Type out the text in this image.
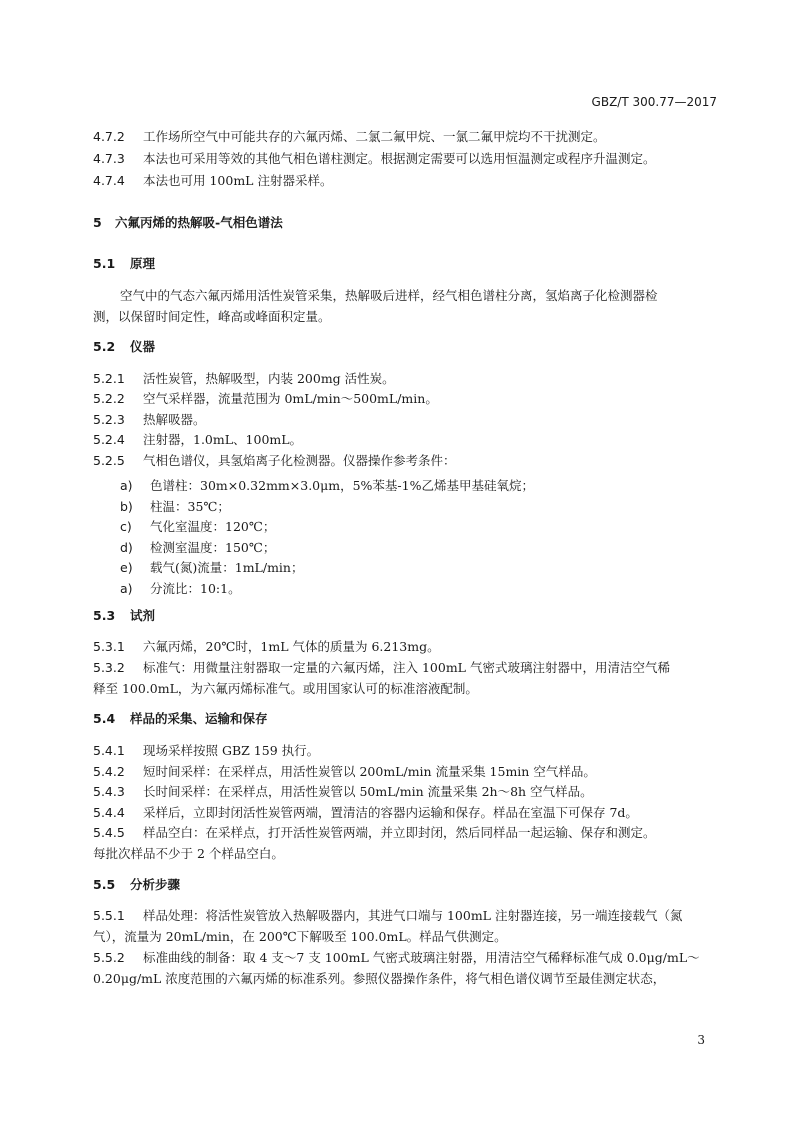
GBZ/T 300.77—2017
4.7.2 工作场所空气中可能共存的六氟丙烯、二氯二氟甲烷、一氯二氟甲烷均不干扰测定。
4.7.3 本法也可采用等效的其他气相色谱柱测定。根据测定需要可以选用恒温测定或程序升温测定。
4.7.4 本法也可用 100mL 注射器采样。
5 六氟丙烯的热解吸-气相色谱法
5.1 原理
空气中的气态六氟丙烯用活性炭管采集，热解吸后进样，经气相色谱柱分离，氢焰离子化检测器检
测，以保留时间定性，峰高或峰面积定量。
5.2 仪器
5.2.1 活性炭管，热解吸型，内装 200mg 活性炭。
5.2.2 空气采样器，流量范围为 0mL/min～500mL/min。
5.2.3 热解吸器。
5.2.4 注射器，1.0mL、100mL。
5.2.5 气相色谱仪，具氢焰离子化检测器。仪器操作参考条件：
a) 色谱柱：30m×0.32mm×3.0μm，5%苯基-1%乙烯基甲基硅氧烷；
b) 柱温：35℃；
c) 气化室温度：120℃；
d) 检测室温度：150℃；
e) 载气(氮)流量：1mL/min；
a) 分流比：10:1。
5.3 试剂
5.3.1 六氟丙烯，20℃时，1mL 气体的质量为 6.213mg。
5.3.2 标准气：用微量注射器取一定量的六氟丙烯，注入 100mL 气密式玻璃注射器中，用清洁空气稀
释至 100.0mL，为六氟丙烯标准气。或用国家认可的标准溶液配制。
5.4 样品的采集、运输和保存
5.4.1 现场采样按照 GBZ 159 执行。
5.4.2 短时间采样：在采样点，用活性炭管以 200mL/min 流量采集 15min 空气样品。
5.4.3 长时间采样：在采样点，用活性炭管以 50mL/min 流量采集 2h～8h 空气样品。
5.4.4 采样后，立即封闭活性炭管两端，置清洁的容器内运输和保存。样品在室温下可保存 7d。
5.4.5 样品空白：在采样点，打开活性炭管两端，并立即封闭，然后同样品一起运输、保存和测定。
每批次样品不少于 2 个样品空白。
5.5 分析步骤
5.5.1 样品处理：将活性炭管放入热解吸器内，其进气口端与 100mL 注射器连接，另一端连接载气（氮
气），流量为 20mL/min，在 200℃下解吸至 100.0mL。样品气供测定。
5.5.2 标准曲线的制备：取 4 支～7 支 100mL 气密式玻璃注射器，用清洁空气稀释标准气成 0.0μg/mL～
0.20μg/mL 浓度范围的六氟丙烯的标准系列。参照仪器操作条件，将气相色谱仪调节至最佳测定状态，
3
